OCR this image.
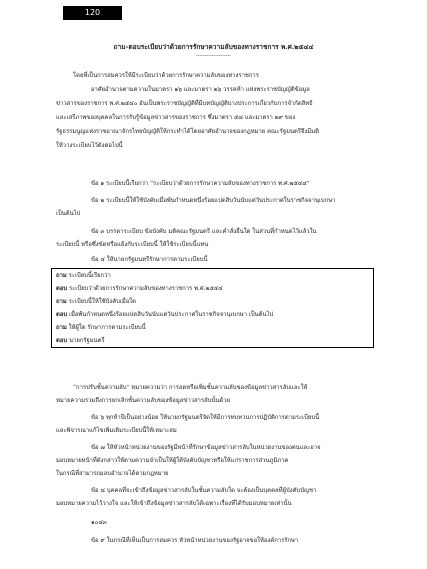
120
ถาม-ตอบระเบียบว่าด้วยการรักษาความลับของทางราชการ พ.ศ.๒๕๔๔
--------------------
โดยที่เป็นการสมควรให้มีระเบียบว่าด้วยการรักษาความลับของทางราชการ
อาศัยอำนาจตามความในมาตรา ๑๖ และมาตรา ๒๖ วรรคห้า แห่งพระราชบัญญัติข้อมูล
ข่าวสารของราชการ พ.ศ.๒๕๔๐ อันเป็นพระราชบัญญัติที่มีบทบัญญัติบางประการเกี่ยวกับการจำกัดสิทธิ
และเสรีภาพของบุคคลในการรับรู้ข้อมูลข่าวสารของราชการ ซึ่งมาตรา ๕๘ และมาตรา ๒๙ ของ
รัฐธรรมนูญแห่งราชอาณาจักรไทยบัญญัติให้กระทำได้โดยอาศัยอำนาจของกฎหมาย คณะรัฐมนตรีจึงมีมติ
ให้วางระเบียบไว้ดังต่อไปนี้
ข้อ ๑ ระเบียบนี้เรียกว่า “ระเบียบว่าด้วยการรักษาความลับของทางราชการ พ.ศ.๒๕๔๔”
ข้อ ๒ ระเบียบนี้ให้ใช้บังคับเมื่อพ้นกำหนดหนึ่งร้อยแปดสิบวันนับแต่วันประกาศในราชกิจจานุเบกษา
เป็นต้นไป
ข้อ ๓ บรรดาระเบียบ ข้อบังคับ มติคณะรัฐมนตรี และคำสั่งอื่นใด ในส่วนที่กำหนดไว้แล้วใน
ระเบียบนี้ หรือซึ่งขัดหรือแย้งกับระเบียบนี้ ให้ใช้ระเบียบนี้แทน
ข้อ ๔ ให้นายกรัฐมนตรีรักษาการตามระเบียบนี้
ถาม ระเบียบนี้เรียกว่า
ตอบ ระเบียบว่าด้วยการรักษาความลับของทางราชการ พ.ศ.๒๕๔๔
ถาม ระเบียบนี้ให้ใช้บังคับเมื่อใด
ตอบ เมื่อพ้นกำหนดหนึ่งร้อยแปดสิบวันนับแต่วันประกาศในราชกิจจานุเบกษา เป็นต้นไป
ถาม ให้ผู้ใด รักษาการตามระเบียบนี้
ตอบ นายกรัฐมนตรี
“การปรับชั้นความลับ” หมายความว่า การลดหรือเพิ่มชั้นความลับของข้อมูลข่าวสารลับและให้
หมายความรวมถึงการยกเลิกชั้นความลับของข้อมูลข่าวสารลับนั้นด้วย
ข้อ ๖ ทุกห้าปีเป็นอย่างน้อย ให้นายกรัฐมนตรีจัดให้มีการทบทวนการปฏิบัติการตามระเบียบนี้
และพิจารณาแก้ไขเพิ่มเติมระเบียบนี้ให้เหมาะสม
ข้อ ๗ ให้หัวหน้าหน่วยงานของรัฐมีหน้าที่รักษาข้อมูลข่าวสารลับในหน่วยงานของตนและอาจ
มอบหมายหน้าที่ดังกล่าวให้ตามความจำเป็นให้ผู้ใต้บังคับบัญชาหรือให้แก่ราชการส่วนภูมิภาค
ในกรณีที่สามารถมอบอำนาจได้ตามกฎหมาย
ข้อ ๘ บุคคลที่จะเข้าถึงข้อมูลข่าวสารลับในชั้นความลับใด จะต้องเป็นบุคคลที่ผู้บังคับบัญชา
มอบหมายความไว้วางใจ และให้เข้าถึงข้อมูลข่าวสารลับได้เฉพาะเรื่องที่ได้รับมอบหมายเท่านั้น
๑๐๔๓
ข้อ ๙ ในกรณีที่เห็นเป็นการสมควร หัวหน้าหน่วยงานของรัฐอาจขอให้องค์การรักษา
